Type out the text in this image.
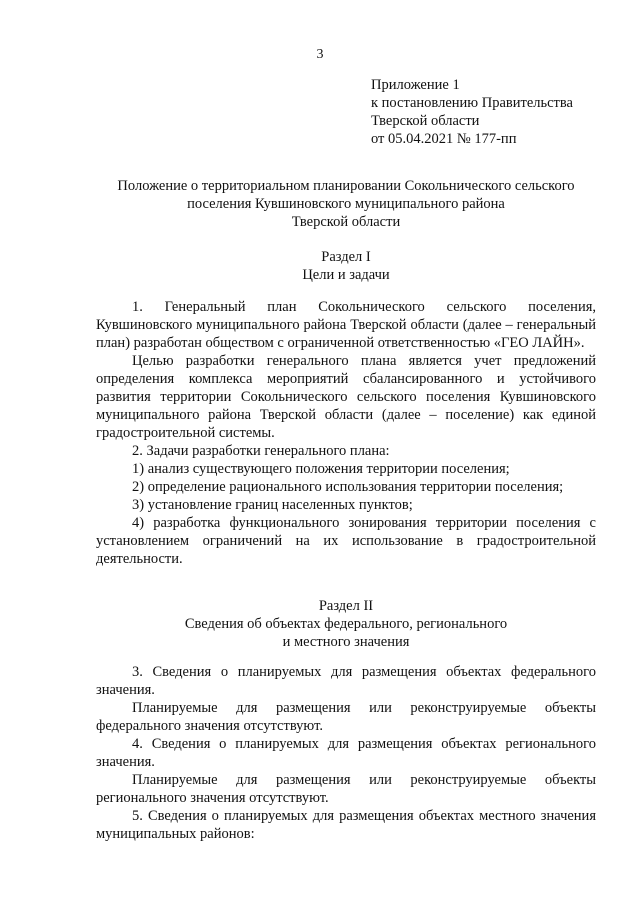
3
Приложение 1
к постановлению Правительства
Тверской области
от 05.04.2021 № 177-пп
Положение о территориальном планировании Сокольнического сельского
поселения Кувшиновского муниципального района
Тверской области
Раздел I
Цели и задачи

1. Генеральный план Сокольнического сельского поселения, Кувшиновского муниципального района Тверской области (далее – генеральный план) разработан обществом с ограниченной ответственностью «ГЕО ЛАЙН».

Целью разработки генерального плана является учет предложений определения комплекса мероприятий сбалансированного и устойчивого развития территории Сокольнического сельского поселения Кувшиновского муниципального района Тверской области (далее – поселение) как единой градостроительной системы.

2. Задачи разработки генерального плана:

1) анализ существующего положения территории поселения;

2) определение рационального использования территории поселения;

3) установление границ населенных пунктов;

4) разработка функционального зонирования территории поселения с установлением ограничений на их использование в градостроительной деятельности.

Раздел II
Сведения об объектах федерального, регионального
и местного значения

3. Сведения о планируемых для размещения объектах федерального значения.

Планируемые для размещения или реконструируемые объекты федерального значения отсутствуют.

4. Сведения о планируемых для размещения объектах регионального значения.

Планируемые для размещения или реконструируемые объекты регионального значения отсутствуют.

5. Сведения о планируемых для размещения объектах местного значения муниципальных районов:
